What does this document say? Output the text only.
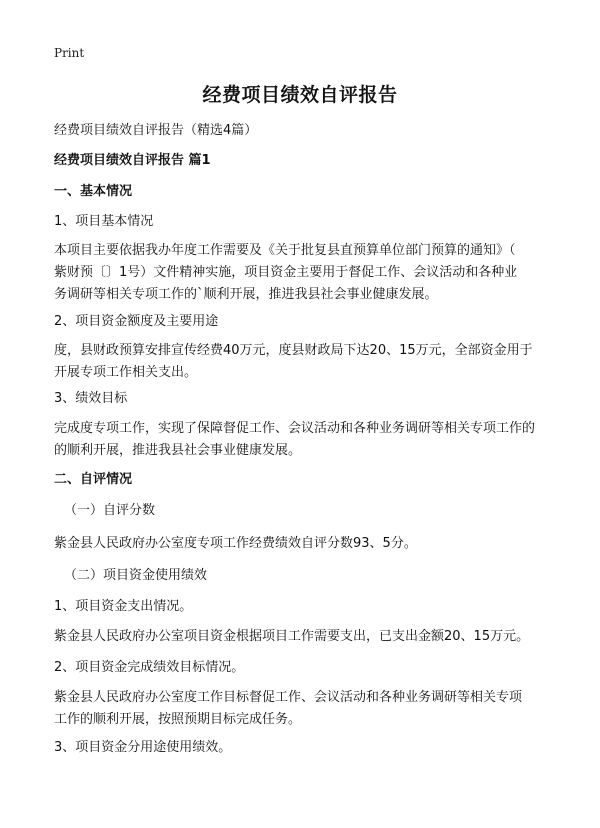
Print
经费项目绩效自评报告

经费项目绩效自评报告（精选4篇）

经费项目绩效自评报告 篇1

一、基本情况

1、项目基本情况

本项目主要依据我办年度工作需要及《关于批复县直预算单位部门预算的通知》（
紫财预〔〕1号）文件精神实施，项目资金主要用于督促工作、会议活动和各种业
务调研等相关专项工作的`顺利开展，推进我县社会事业健康发展。

2、项目资金额度及主要用途

度，县财政预算安排宣传经费40万元，度县财政局下达20、15万元，全部资金用于
开展专项工作相关支出。

3、绩效目标

完成度专项工作，实现了保障督促工作、会议活动和各种业务调研等相关专项工作的
的顺利开展，推进我县社会事业健康发展。

二、自评情况

（一）自评分数

紫金县人民政府办公室度专项工作经费绩效自评分数93、5分。

（二）项目资金使用绩效

1、项目资金支出情况。

紫金县人民政府办公室项目资金根据项目工作需要支出，已支出金额20、15万元。

2、项目资金完成绩效目标情况。

紫金县人民政府办公室度工作目标督促工作、会议活动和各种业务调研等相关专项
工作的顺利开展，按照预期目标完成任务。

3、项目资金分用途使用绩效。
